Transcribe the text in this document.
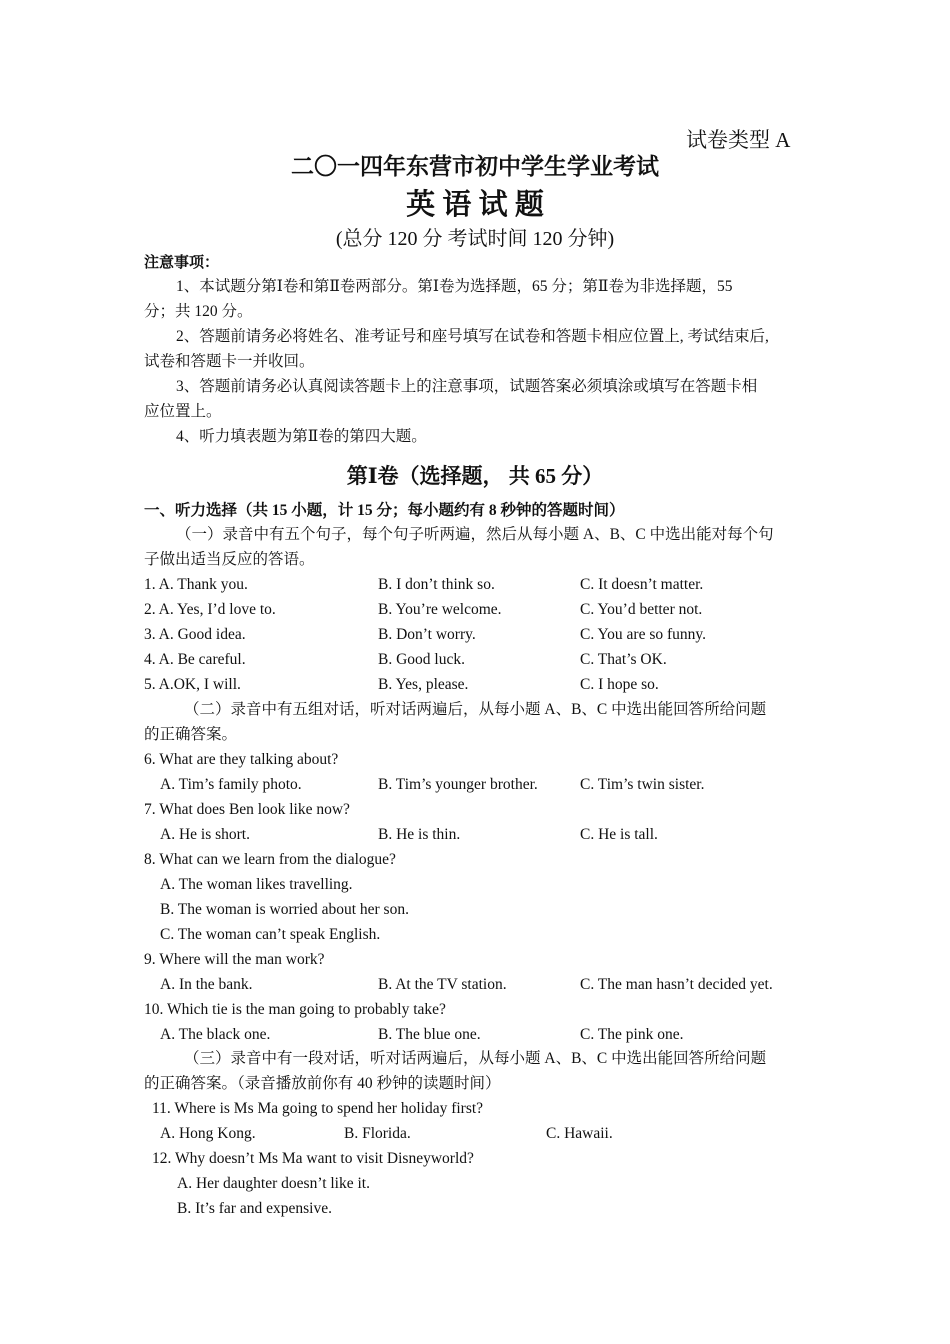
试卷类型 A
二〇一四年东营市初中学生学业考试
英 语 试 题
(总分 120 分 考试时间 120 分钟)
注意事项：
1、本试题分第Ⅰ卷和第Ⅱ卷两部分。第Ⅰ卷为选择题，65 分；第Ⅱ卷为非选择题，55
分；共 120 分。
2、答题前请务必将姓名、准考证号和座号填写在试卷和答题卡相应位置上, 考试结束后,
试卷和答题卡一并收回。
3、答题前请务必认真阅读答题卡上的注意事项，试题答案必须填涂或填写在答题卡相
应位置上。
4、听力填表题为第Ⅱ卷的第四大题。
第Ⅰ卷（选择题， 共 65 分）
一、听力选择（共 15 小题，计 15 分；每小题约有 8 秒钟的答题时间）
（一）录音中有五个句子，每个句子听两遍，然后从每小题 A、B、C 中选出能对每个句
子做出适当反应的答语。
1. A. Thank you.	B. I don’t think so.	C. It doesn’t matter.
2. A. Yes, I’d love to.	B. You’re welcome.	C. You’d better not.
3. A. Good idea.	B. Don’t worry.	C. You are so funny.
4. A. Be careful.	B. Good luck.	C. That’s OK.
5. A.OK, I will.	B. Yes, please.	C. I hope so.
（二）录音中有五组对话，听对话两遍后，从每小题 A、B、C 中选出能回答所给问题
的正确答案。
6. What are they talking about?
A. Tim’s family photo.	B. Tim’s younger brother.	C. Tim’s twin sister.
7. What does Ben look like now?
A. He is short.	B. He is thin.	C. He is tall.
8. What can we learn from the dialogue?
A. The woman likes travelling.
B. The woman is worried about her son.
C. The woman can’t speak English.
9. Where will the man work?
A. In the bank.	B. At the TV station.	C. The man hasn’t decided yet.
10. Which tie is the man going to probably take?
A. The black one.	B. The blue one.	C. The pink one.
（三）录音中有一段对话，听对话两遍后，从每小题 A、B、C 中选出能回答所给问题
的正确答案。（录音播放前你有 40 秒钟的读题时间）
11. Where is Ms Ma going to spend her holiday first?
A. Hong Kong.	B. Florida.	C. Hawaii.
12. Why doesn’t Ms Ma want to visit Disneyworld?
A. Her daughter doesn’t like it.
B. It’s far and expensive.
